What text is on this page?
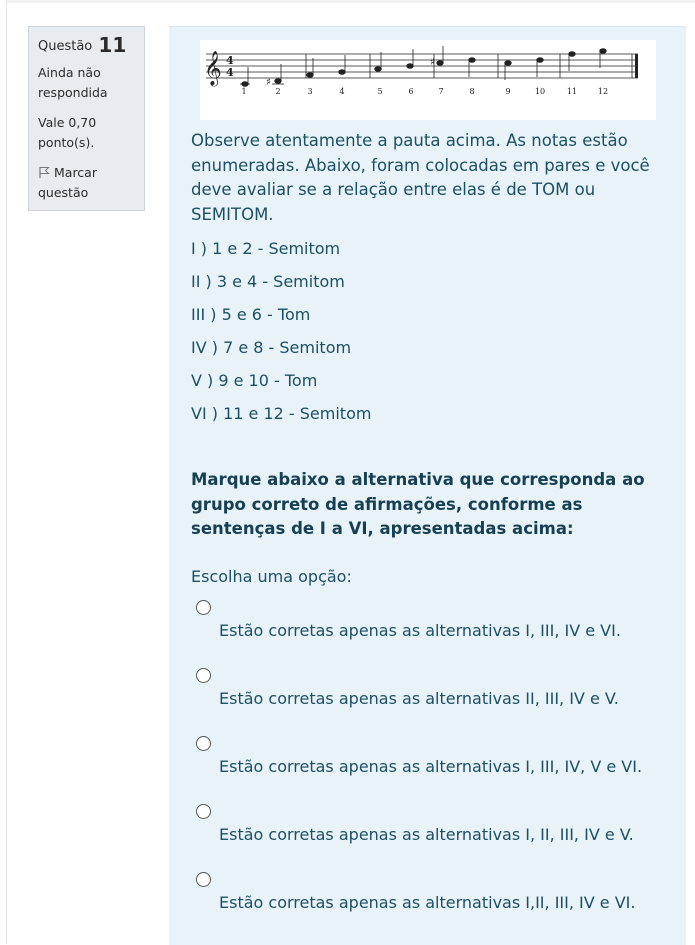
Questão 11
Ainda não respondida
Vale 0,70 ponto(s).
Marcar questão
𝄞 4
4
♯
♯
1	2	3	4	5	6	7	8	9	10	11	12
Observe atentamente a pauta acima. As notas estão enumeradas. Abaixo, foram colocadas em pares e você deve avaliar se a relação entre elas é de TOM ou SEMITOM.
I ) 1 e 2 - Semitom
II ) 3 e 4 - Semitom
III ) 5 e 6 - Tom
IV ) 7 e 8 - Semitom
V ) 9 e 10 - Tom
VI ) 11 e 12 - Semitom
Marque abaixo a alternativa que corresponda ao grupo correto de afirmações, conforme as sentenças de I a VI, apresentadas acima:
Escolha uma opção:
Estão corretas apenas as alternativas I, III, IV e VI.
Estão corretas apenas as alternativas II, III, IV e V.
Estão corretas apenas as alternativas I, III, IV, V e VI.
Estão corretas apenas as alternativas I, II, III, IV e V.
Estão corretas apenas as alternativas I,II, III, IV e VI.
